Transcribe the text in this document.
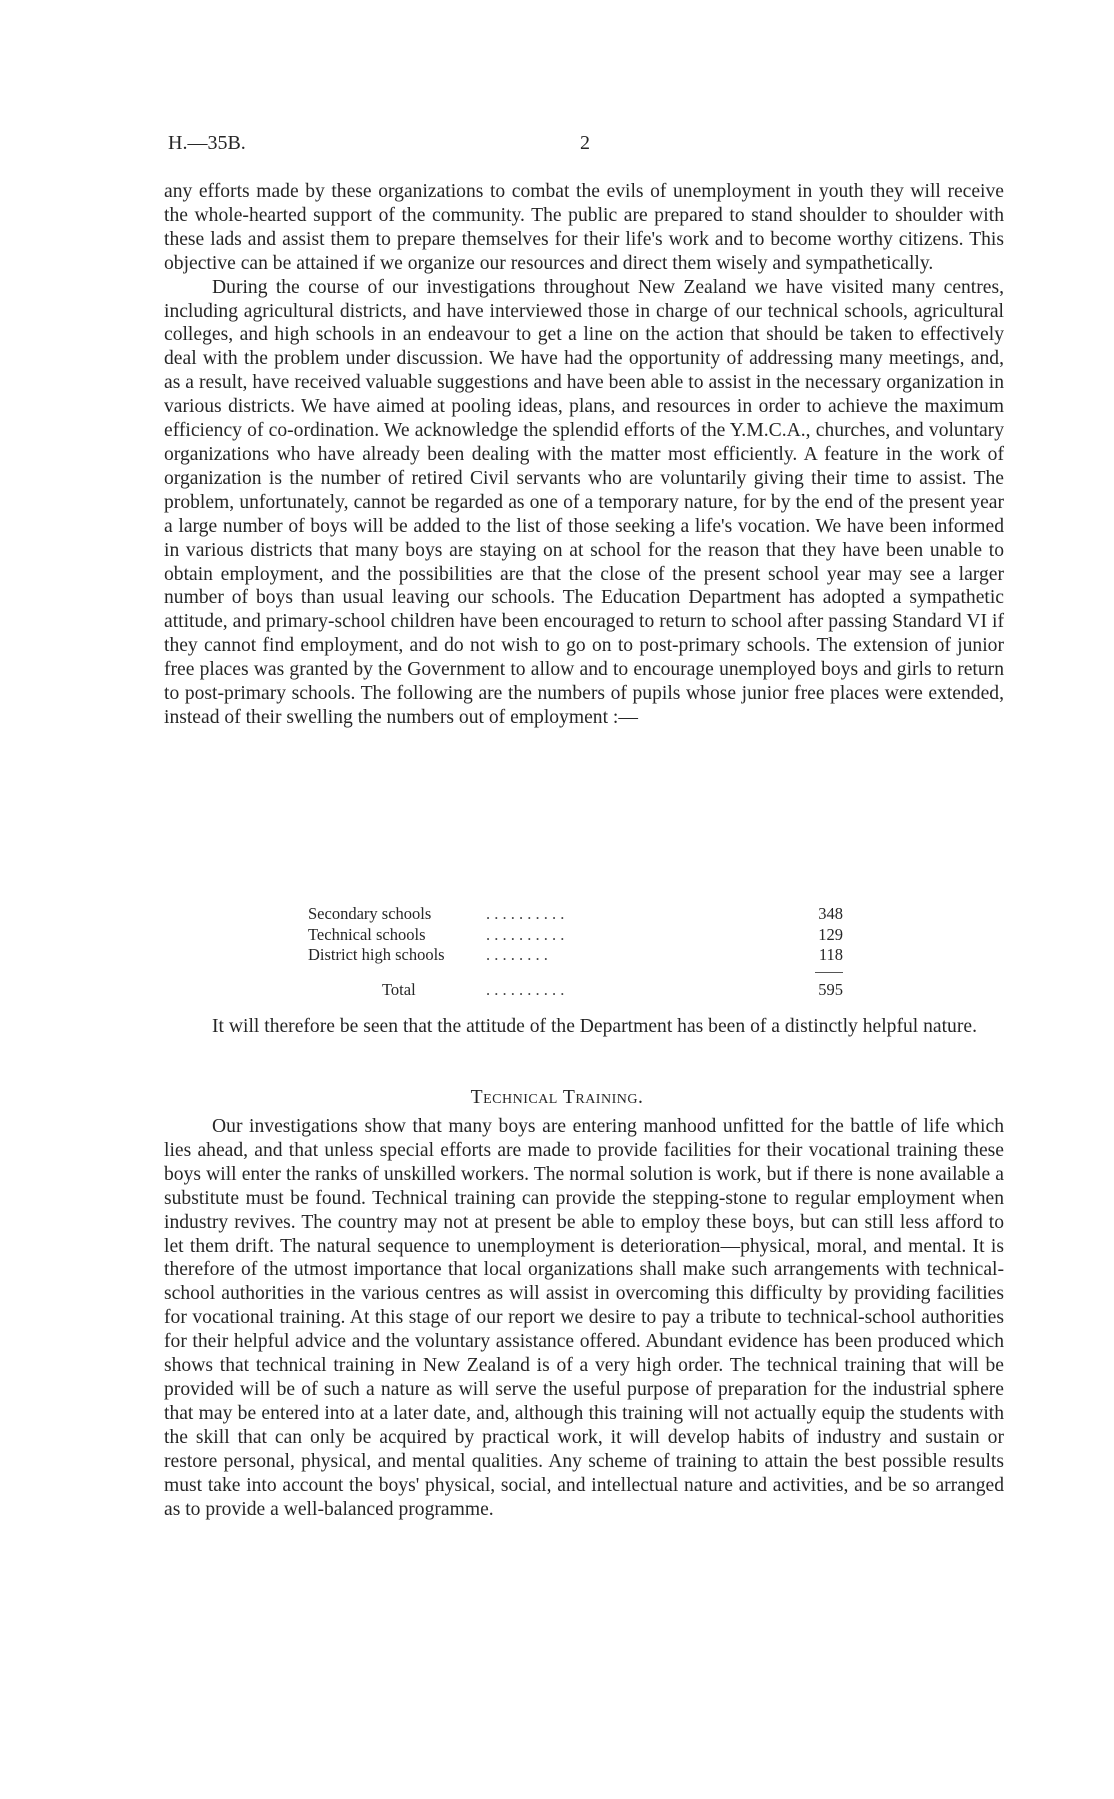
H.—35B.	2

any efforts made by these organizations to combat the evils of unemployment in youth they will receive the whole-hearted support of the community. The public are prepared to stand shoulder to shoulder with these lads and assist them to prepare themselves for their life's work and to become worthy citizens. This objective can be attained if we organize our resources and direct them wisely and sympathetically.

During the course of our investigations throughout New Zealand we have visited many centres, including agricultural districts, and have interviewed those in charge of our technical schools, agricultural colleges, and high schools in an endeavour to get a line on the action that should be taken to effectively deal with the problem under discussion. We have had the opportunity of addressing many meetings, and, as a result, have received valuable suggestions and have been able to assist in the necessary organization in various districts. We have aimed at pooling ideas, plans, and resources in order to achieve the maximum efficiency of co-ordination. We acknowledge the splendid efforts of the Y.M.C.A., churches, and voluntary organizations who have already been dealing with the matter most efficiently. A feature in the work of organization is the number of retired Civil servants who are voluntarily giving their time to assist. The problem, unfortunately, cannot be regarded as one of a temporary nature, for by the end of the present year a large number of boys will be added to the list of those seeking a life's vocation. We have been informed in various districts that many boys are staying on at school for the reason that they have been unable to obtain employment, and the possibilities are that the close of the present school year may see a larger number of boys than usual leaving our schools. The Education Department has adopted a sympathetic attitude, and primary-school children have been encouraged to return to school after passing Standard VI if they cannot find employment, and do not wish to go on to post-primary schools. The extension of junior free places was granted by the Government to allow and to encourage unemployed boys and girls to return to post-primary schools. The following are the numbers of pupils whose junior free places were extended, instead of their swelling the numbers out of employment :—

Secondary schools	. . . . . . . . . .	348
Technical schools	. . . . . . . . . .	129
District high schools	. . . . . . . .	118
Total	. . . . . . . . . .	595

It will therefore be seen that the attitude of the Department has been of a distinctly helpful nature.

Technical Training.

Our investigations show that many boys are entering manhood unfitted for the battle of life which lies ahead, and that unless special efforts are made to provide facilities for their vocational training these boys will enter the ranks of unskilled workers. The normal solution is work, but if there is none available a substitute must be found. Technical training can provide the stepping-stone to regular employment when industry revives. The country may not at present be able to employ these boys, but can still less afford to let them drift. The natural sequence to unemployment is deterioration—physical, moral, and mental. It is therefore of the utmost importance that local organizations shall make such arrangements with technical-school authorities in the various centres as will assist in overcoming this difficulty by providing facilities for vocational training. At this stage of our report we desire to pay a tribute to technical-school authorities for their helpful advice and the voluntary assistance offered. Abundant evidence has been produced which shows that technical training in New Zealand is of a very high order. The technical training that will be provided will be of such a nature as will serve the useful purpose of preparation for the industrial sphere that may be entered into at a later date, and, although this training will not actually equip the students with the skill that can only be acquired by practical work, it will develop habits of industry and sustain or restore personal, physical, and mental qualities. Any scheme of training to attain the best possible results must take into account the boys' physical, social, and intellectual nature and activities, and be so arranged as to provide a well-balanced programme.
